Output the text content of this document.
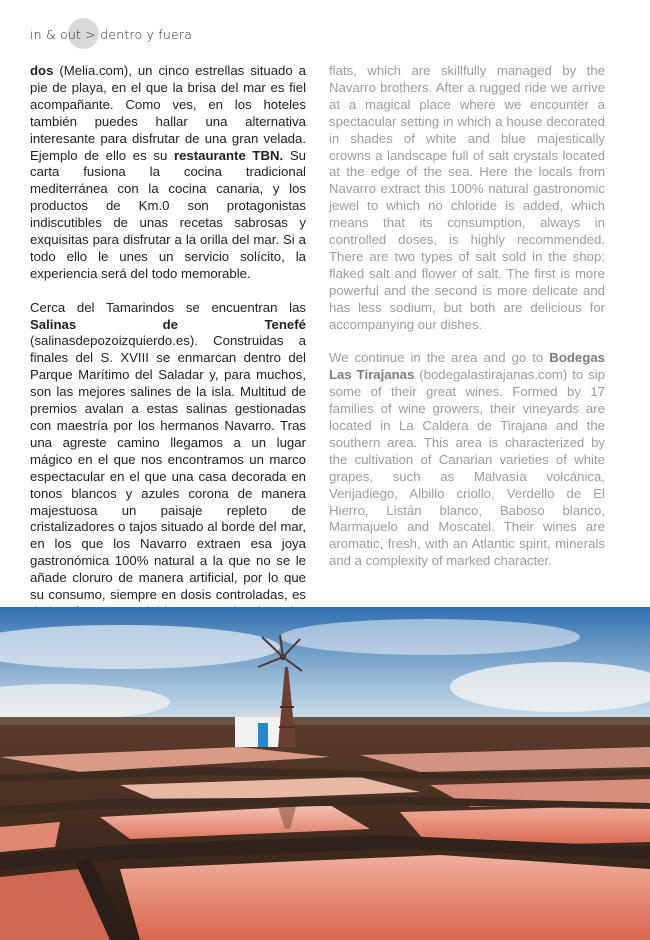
in & out > dentro y fuera

dos (Melia.com), un cinco estrellas situado a pie de playa, en el que la brisa del mar es fiel acompañante. Como ves, en los hoteles también puedes hallar una alternativa interesante para disfrutar de una gran velada. Ejemplo de ello es su restaurante TBN. Su carta fusiona la cocina tradicional mediterránea con la cocina canaria, y los productos de Km.0 son protagonistas indiscutibles de unas recetas sabrosas y exquisitas para disfrutar a la orilla del mar. Si a todo ello le unes un servicio solícito, la experiencia será del todo memorable.

Cerca del Tamarindos se encuentran las Salinas de Tenefé (salinasdepozoizquierdo.es). Construidas a finales del S. XVIII se enmarcan dentro del Parque Marítimo del Saladar y, para muchos, son las mejores salines de la isla. Multitud de premios avalan a estas salinas gestionadas con maestría por los hermanos Navarro. Tras una agreste camino llegamos a un lugar mágico en el que nos encontramos un marco espectacular en el que una casa decorada en tonos blancos y azules corona de manera majestuosa un paisaje repleto de cristalizadores o tajos situado al borde del mar, en los que los Navarro extraen esa joya gastronómica 100% natural a la que no se le añade cloruro de manera artificial, por lo que su consumo, siempre en dosis controladas, es

flats, which are skillfully managed by the Navarro brothers. After a rugged ride we arrive at a magical place where we encounter a spectacular setting in which a house decorated in shades of white and blue majestically crowns a landscape full of salt crystals located at the edge of the sea. Here the locals from Navarro extract this 100% natural gastronomic jewel to which no chloride is added, which means that its consumption, always in controlled doses, is highly recommended. There are two types of salt sold in the shop: flaked salt and flower of salt. The first is more powerful and the second is more delicate and has less sodium, but both are delicious for accompanying our dishes.

We continue in the area and go to Bodegas Las Tirajanas (bodegalastirajanas.com) to sip some of their great wines. Formed by 17 families of wine growers, their vineyards are located in La Caldera de Tirajana and the southern area. This area is characterized by the cultivation of Canarian varieties of white grapes, such as Malvasía volcánica, Verijadiego, Albillo criollo, Verdello de El Hierro, Listán blanco, Baboso blanco, Marmajuelo and Moscatel. Their wines are aromatic, fresh, with an Atlantic spirit, minerals and a complexity of marked character.
